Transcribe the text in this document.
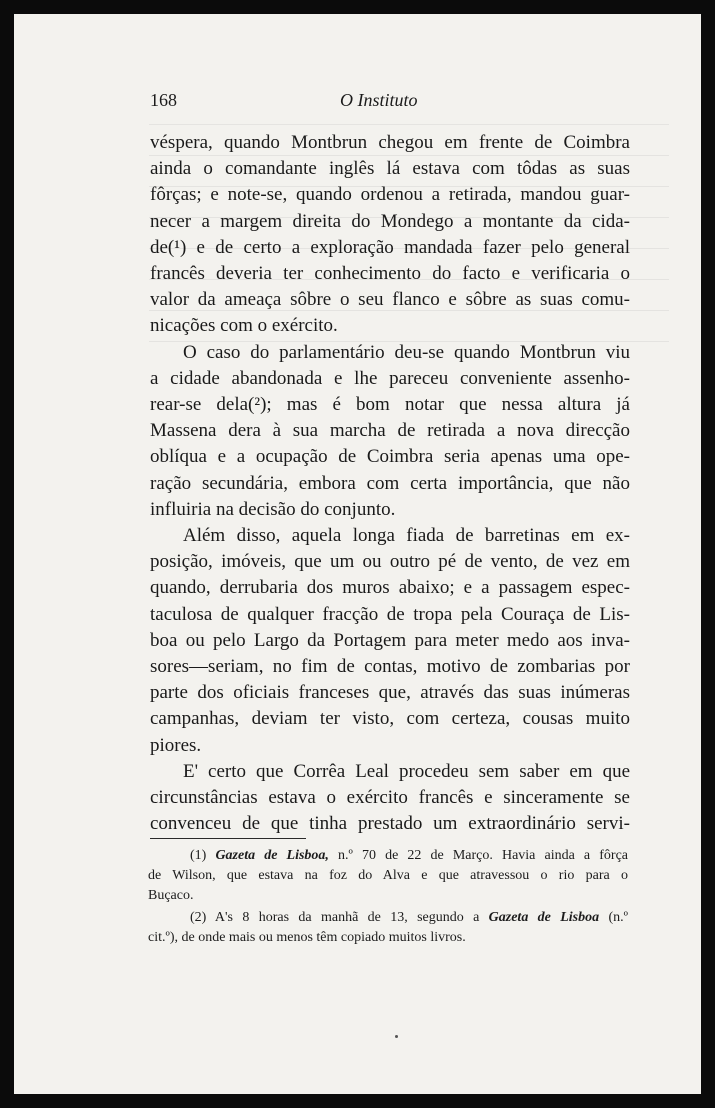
168	O Instituto

véspera, quando Montbrun chegou em frente de Coimbra
ainda o comandante inglês lá estava com tôdas as suas
fôrças; e note-se, quando ordenou a retirada, mandou guar-
necer a margem direita do Mondego a montante da cida-
de(¹) e de certo a exploração mandada fazer pelo general
francês deveria ter conhecimento do facto e verificaria o
valor da ameaça sôbre o seu flanco e sôbre as suas comu-
nicações com o exército.

O caso do parlamentário deu-se quando Montbrun viu
a cidade abandonada e lhe pareceu conveniente assenho-
rear-se dela(²); mas é bom notar que nessa altura já
Massena dera à sua marcha de retirada a nova direcção
oblíqua e a ocupação de Coimbra seria apenas uma ope-
ração secundária, embora com certa importância, que não
influiria na decisão do conjunto.

Além disso, aquela longa fiada de barretinas em ex-
posição, imóveis, que um ou outro pé de vento, de vez em
quando, derrubaria dos muros abaixo; e a passagem espec-
taculosa de qualquer fracção de tropa pela Couraça de Lis-
boa ou pelo Largo da Portagem para meter medo aos inva-
sores—seriam, no fim de contas, motivo de zombarias por
parte dos oficiais franceses que, através das suas inúmeras
campanhas, deviam ter visto, com certeza, cousas muito
piores.

E' certo que Corrêa Leal procedeu sem saber em que
circunstâncias estava o exército francês e sinceramente se
convenceu de que tinha prestado um extraordinário servi-

(1) Gazeta de Lisboa, n.º 70 de 22 de Março. Havia ainda a fôrça
de Wilson, que estava na foz do Alva e que atravessou o rio para o
Buçaco.
(2) A's 8 horas da manhã de 13, segundo a Gazeta de Lisboa (n.º
cit.º), de onde mais ou menos têm copiado muitos livros.
